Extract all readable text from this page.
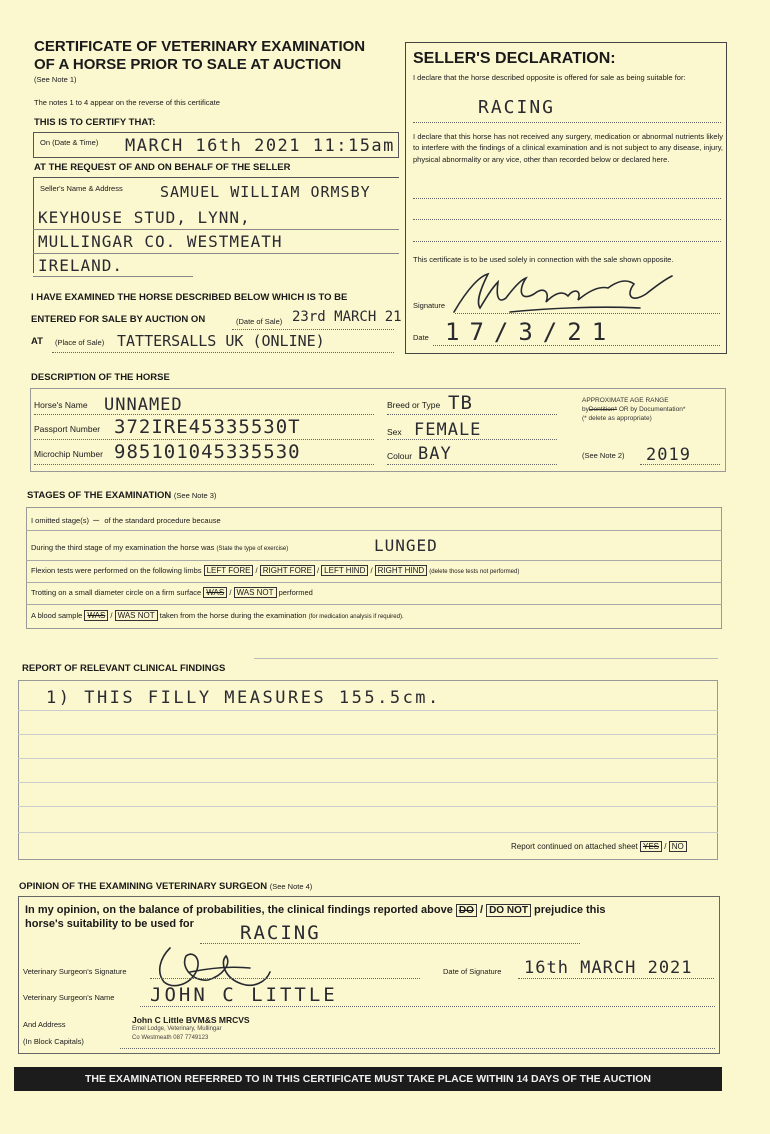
CERTIFICATE OF VETERINARY EXAMINATION
OF A HORSE PRIOR TO SALE AT AUCTION
(See Note 1)
The notes 1 to 4 appear on the reverse of this certificate
THIS IS TO CERTIFY THAT:
On (Date & Time) MARCH 16th 2021 11:15am
AT THE REQUEST OF AND ON BEHALF OF THE SELLER
Seller's Name & Address SAMUEL WILLIAM ORMSBY
KEYHOUSE STUD, LYNN,
MULLINGAR CO. WESTMEATH
IRELAND.
I HAVE EXAMINED THE HORSE DESCRIBED BELOW WHICH IS TO BE
ENTERED FOR SALE BY AUCTION ON	(Date of Sale) 23rd MARCH 21
AT (Place of Sale) TATTERSALLS UK (ONLINE)
SELLER'S DECLARATION:
I declare that the horse described opposite is offered for sale as being suitable for:
RACING
I declare that this horse has not received any surgery, medication or abnormal nutrients likely to interfere with the findings of a clinical examination and is not subject to any disease, injury, physical abnormality or any vice, other than recorded below or declared here.
This certificate is to be used solely in connection with the sale shown opposite.
Signature
Date 17/3/21
DESCRIPTION OF THE HORSE
Horse's Name UNNAMED
Passport Number 372IRE45335530T
Microchip Number 985101045335530
Breed or Type TB
Sex FEMALE
Colour BAY
APPROXIMATE AGE RANGE
byDentition* OR by Documentation*
(* delete as appropriate)
(See Note 2) 2019
STAGES OF THE EXAMINATION (See Note 3)
I omitted stage(s) — of the standard procedure because
During the third stage of my examination the horse was (State the type of exercise)	LUNGED
Flexion tests were performed on the following limbs LEFT FORE / RIGHT FORE / LEFT HIND / RIGHT HIND (delete those tests not performed)
Trotting on a small diameter circle on a firm surface WAS / WAS NOT performed
A blood sample WAS / WAS NOT taken from the horse during the examination (for medication analysis if required).
REPORT OF RELEVANT CLINICAL FINDINGS
1) THIS FILLY MEASURES 155.5cm.
Report continued on attached sheet YES / NO
OPINION OF THE EXAMINING VETERINARY SURGEON (See Note 4)
In my opinion, on the balance of probabilities, the clinical findings reported above DO / DO NOT prejudice this
horse's suitability to be used for RACING
Veterinary Surgeon's Signature	Date of Signature 16th MARCH 2021
Veterinary Surgeon's Name JOHN C LITTLE
And Address
(In Block Capitals)
John C Little BVM&S MRCVS
Emel Lodge, Veterinary, Mullingar
Co Westmeath 087 7749123
THE EXAMINATION REFERRED TO IN THIS CERTIFICATE MUST TAKE PLACE WITHIN 14 DAYS OF THE AUCTION
